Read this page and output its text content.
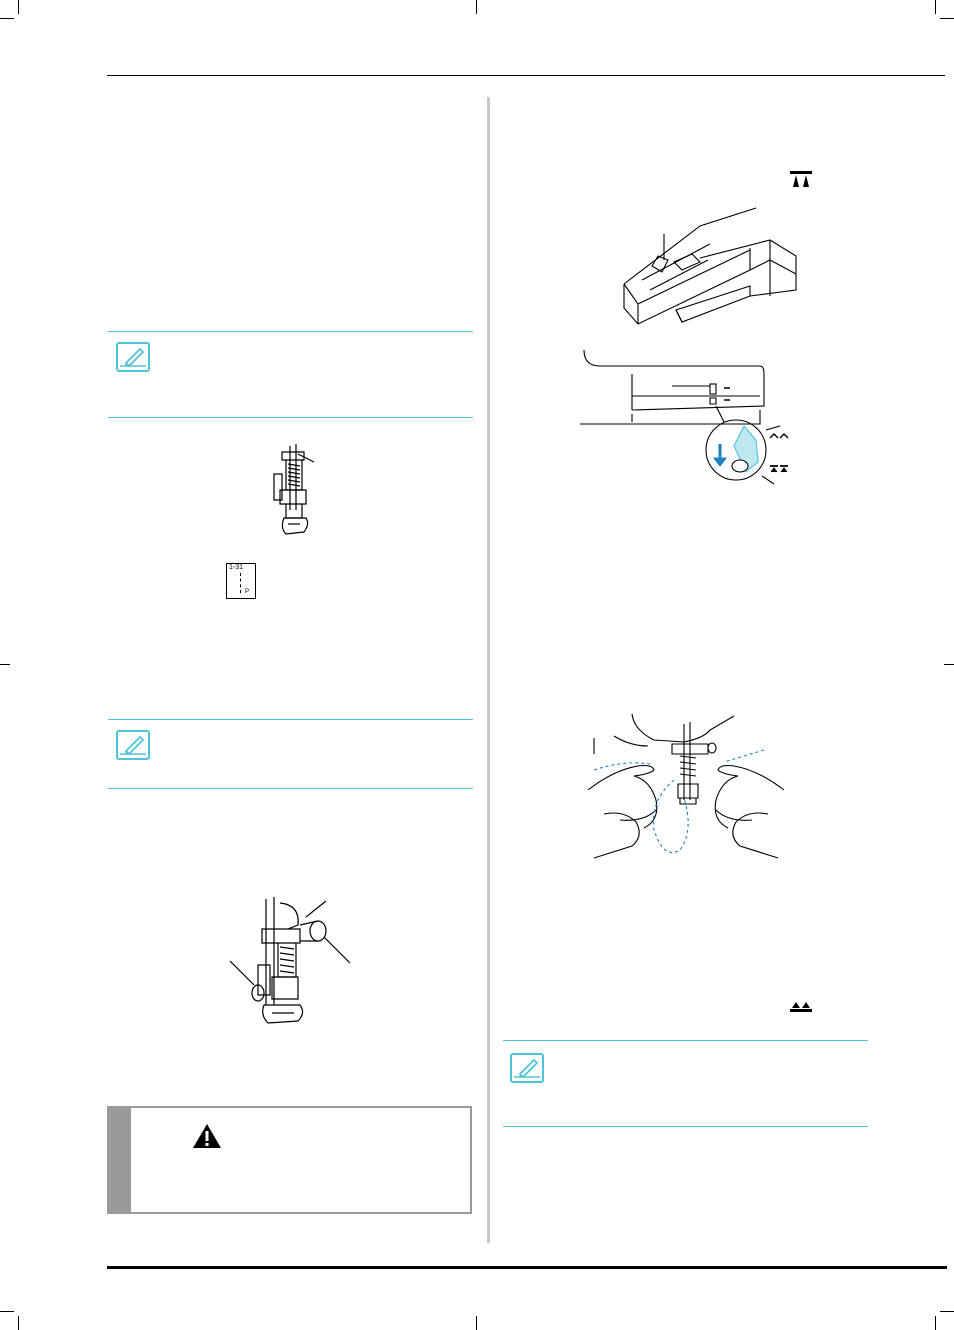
1-31
P
